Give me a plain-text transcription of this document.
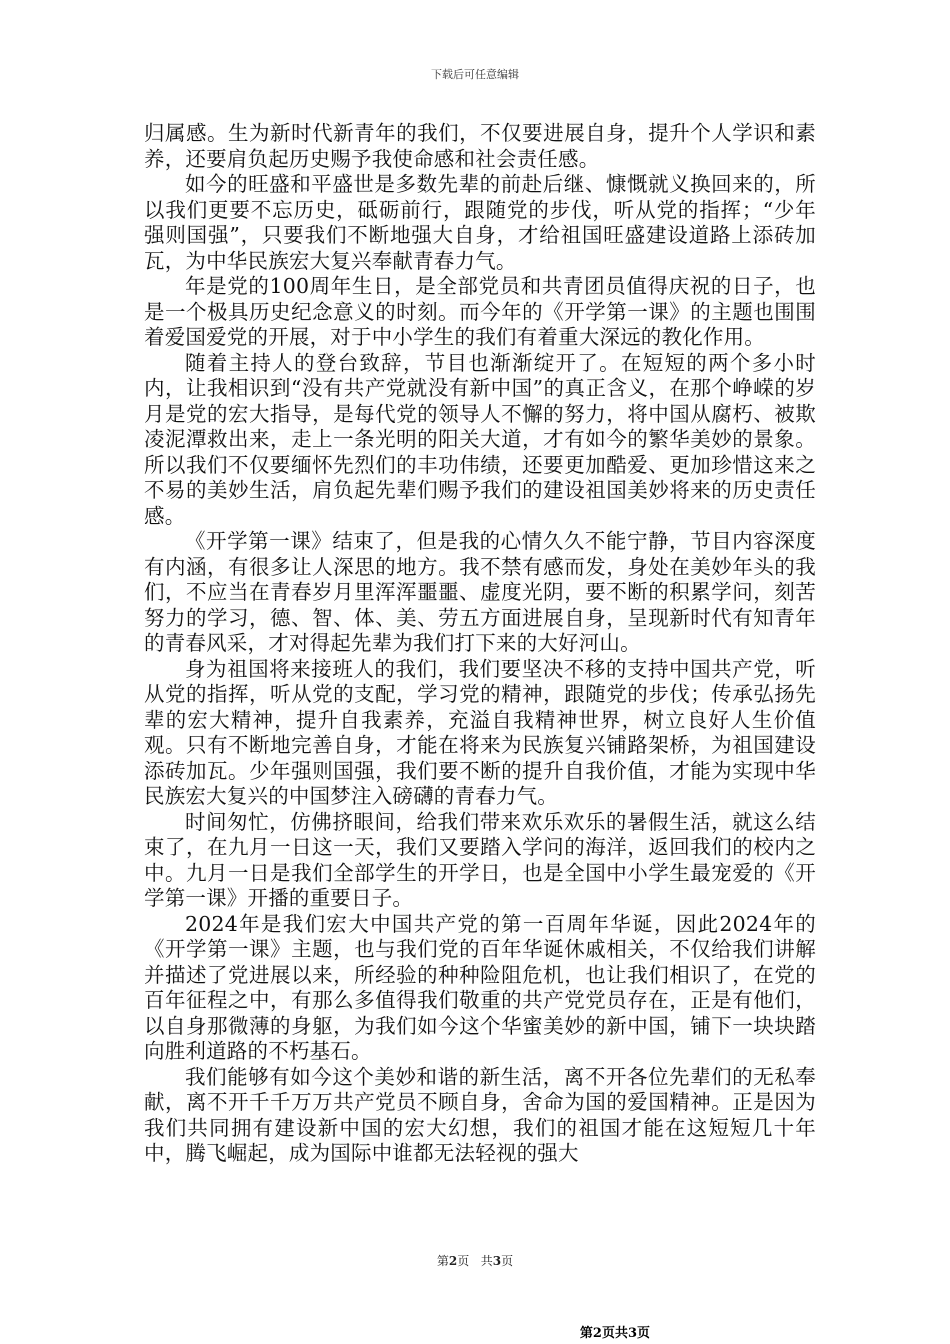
下载后可任意编辑

归属感。生为新时代新青年的我们，不仅要进展自身，提升个人学识和素养，还要肩负起历史赐予我使命感和社会责任感。

如今的旺盛和平盛世是多数先辈的前赴后继、慷慨就义换回来的，所以我们更要不忘历史，砥砺前行，跟随党的步伐，听从党的指挥；“少年强则国强”，只要我们不断地强大自身，才给祖国旺盛建设道路上添砖加瓦，为中华民族宏大复兴奉献青春力气。

年是党的100周年生日，是全部党员和共青团员值得庆祝的日子，也是一个极具历史纪念意义的时刻。而今年的《开学第一课》的主题也围围着爱国爱党的开展，对于中小学生的我们有着重大深远的教化作用。

随着主持人的登台致辞，节目也渐渐绽开了。在短短的两个多小时内，让我相识到“没有共产党就没有新中国”的真正含义，在那个峥嵘的岁月是党的宏大指导，是每代党的领导人不懈的努力，将中国从腐朽、被欺凌泥潭救出来，走上一条光明的阳关大道，才有如今的繁华美妙的景象。所以我们不仅要缅怀先烈们的丰功伟绩，还要更加酷爱、更加珍惜这来之不易的美妙生活，肩负起先辈们赐予我们的建设祖国美妙将来的历史责任感。

《开学第一课》结束了，但是我的心情久久不能宁静，节目内容深度有内涵，有很多让人深思的地方。我不禁有感而发，身处在美妙年头的我们，不应当在青春岁月里浑浑噩噩、虚度光阴，要不断的积累学问，刻苦努力的学习，德、智、体、美、劳五方面进展自身，呈现新时代有知青年的青春风采，才对得起先辈为我们打下来的大好河山。

身为祖国将来接班人的我们，我们要坚决不移的支持中国共产党，听从党的指挥，听从党的支配，学习党的精神，跟随党的步伐；传承弘扬先辈的宏大精神，提升自我素养，充溢自我精神世界，树立良好人生价值观。只有不断地完善自身，才能在将来为民族复兴铺路架桥，为祖国建设添砖加瓦。少年强则国强，我们要不断的提升自我价值，才能为实现中华民族宏大复兴的中国梦注入磅礴的青春力气。

时间匆忙，仿佛挤眼间，给我们带来欢乐欢乐的暑假生活，就这么结束了，在九月一日这一天，我们又要踏入学问的海洋，返回我们的校内之中。九月一日是我们全部学生的开学日，也是全国中小学生最宠爱的《开学第一课》开播的重要日子。

2024年是我们宏大中国共产党的第一百周年华诞，因此2024年的《开学第一课》主题，也与我们党的百年华诞休戚相关，不仅给我们讲解并描述了党进展以来，所经验的种种险阻危机，也让我们相识了，在党的百年征程之中，有那么多值得我们敬重的共产党党员存在，正是有他们，以自身那微薄的身躯，为我们如今这个华蜜美妙的新中国，铺下一块块踏向胜利道路的不朽基石。

我们能够有如今这个美妙和谐的新生活，离不开各位先辈们的无私奉献，离不开千千万万共产党员不顾自身，舍命为国的爱国精神。正是因为我们共同拥有建设新中国的宏大幻想，我们的祖国才能在这短短几十年中，腾飞崛起，成为国际中谁都无法轻视的强大

第2页 共3页
第2页共3页
